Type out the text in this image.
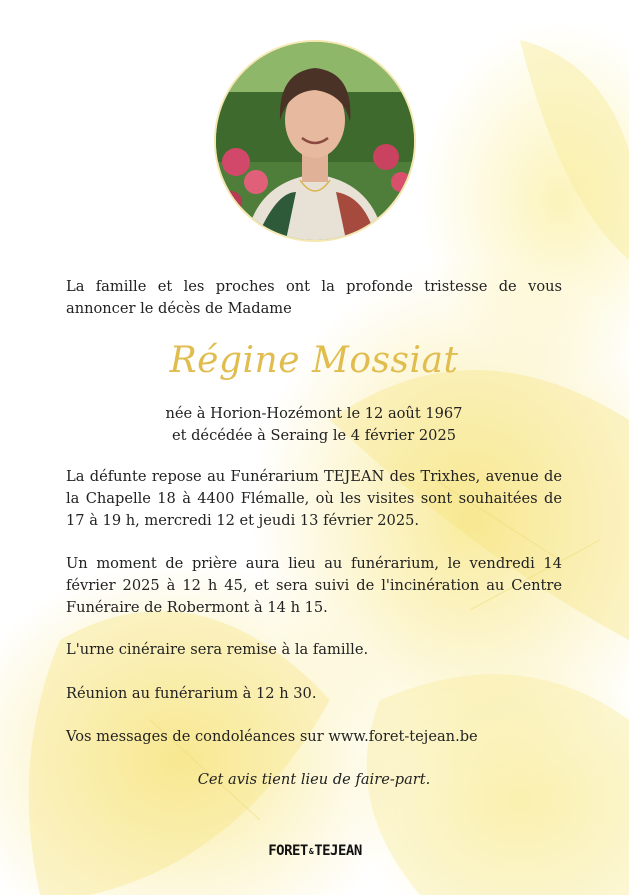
La famille et les proches ont la profonde tristesse de vous annoncer le décès de Madame
Régine Mossiat
née à Horion-Hozémont le 12 août 1967
et décédée à Seraing le 4 février 2025
La défunte repose au Funérarium TEJEAN des Trixhes, avenue de la Chapelle 18 à 4400 Flémalle, où les visites sont souhaitées de 17 à 19 h, mercredi 12 et jeudi 13 février 2025.
Un moment de prière aura lieu au funérarium, le vendredi 14 février 2025 à 12 h 45, et sera suivi de l'incinération au Centre Funéraire de Robermont à 14 h 15.
L'urne cinéraire sera remise à la famille.
Réunion au funérarium à 12 h 30.
Vos messages de condoléances sur www.foret-tejean.be
Cet avis tient lieu de faire-part.
FORET&TEJEAN
